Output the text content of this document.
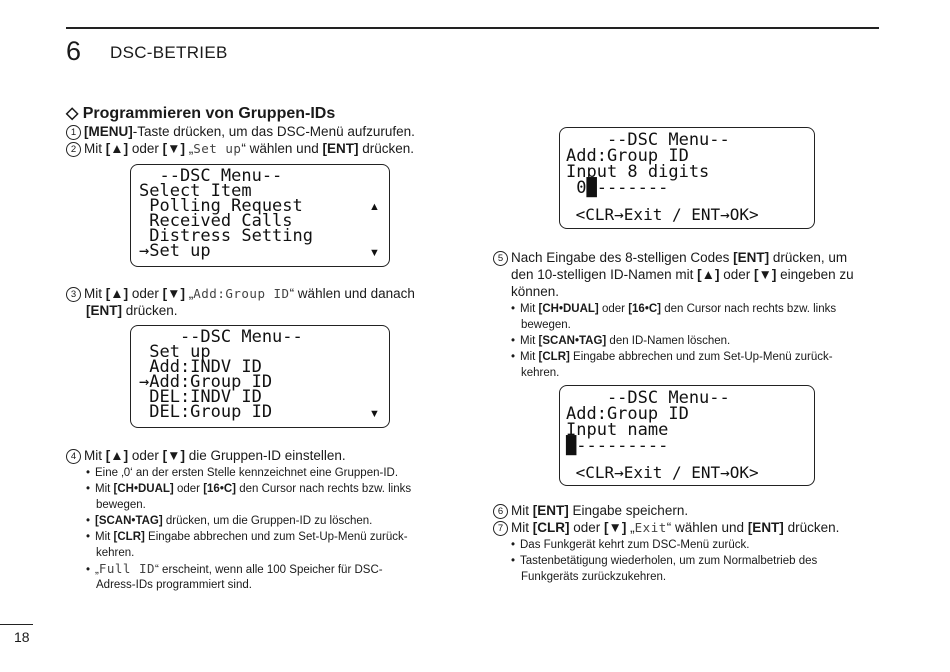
6 DSC-BETRIEB
◇ Programmieren von Gruppen-IDs
1 [MENU]-Taste drücken, um das DSC-Menü aufzurufen.
2 Mit [▲] oder [▼] „Set up“ wählen und [ENT] drücken.
--DSC Menu--
Select Item
Polling Request
Received Calls
Distress Setting
→Set up
▲
▼
3 Mit [▲] oder [▼] „Add:Group ID“ wählen und danach
[ENT] drücken.
--DSC Menu--
Set up
Add:INDV ID
→Add:Group ID
DEL:INDV ID
DEL:Group ID	▼
4 Mit [▲] oder [▼] die Gruppen-ID einstellen.
• Eine ‚0‘ an der ersten Stelle kennzeichnet eine Gruppen-ID.
• Mit [CH•DUAL] oder [16•C] den Cursor nach rechts bzw. links
bewegen.
• [SCAN•TAG] drücken, um die Gruppen-ID zu löschen.
• Mit [CLR] Eingabe abbrechen und zum Set-Up-Menü zurück-
kehren.
• „Full ID“ erscheint, wenn alle 100 Speicher für DSC-
Adress-IDs programmiert sind.
--DSC Menu--
Add:Group ID
Input 8 digits
0█-------
<CLR→Exit / ENT→OK>
5 Nach Eingabe des 8-stelligen Codes [ENT] drücken, um
den 10-stelligen ID-Namen mit [▲] oder [▼] eingeben zu
können.
• Mit [CH•DUAL] oder [16•C] den Cursor nach rechts bzw. links
bewegen.
• Mit [SCAN•TAG] den ID-Namen löschen.
• Mit [CLR] Eingabe abbrechen und zum Set-Up-Menü zurück-
kehren.
--DSC Menu--
Add:Group ID
Input name
█---------
<CLR→Exit / ENT→OK>
6 Mit [ENT] Eingabe speichern.
7 Mit [CLR] oder [▼] „Exit“ wählen und [ENT] drücken.
• Das Funkgerät kehrt zum DSC-Menü zurück.
• Tastenbetätigung wiederholen, um zum Normalbetrieb des
Funkgeräts zurückzukehren.
18
